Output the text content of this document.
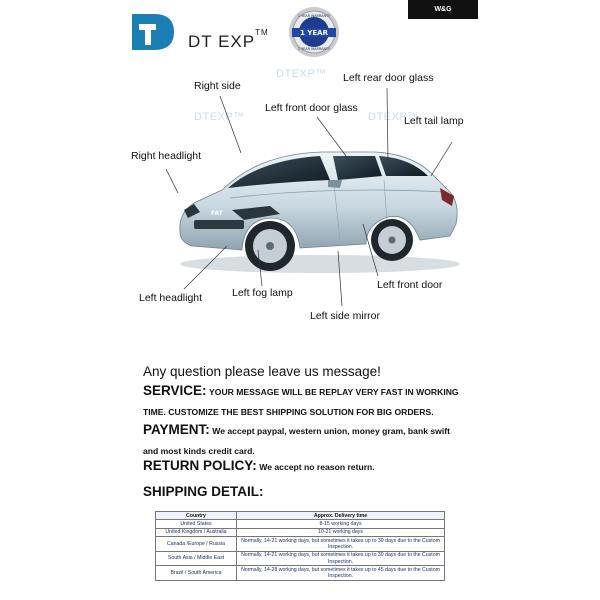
DT EXP™
1 YEAR WARRANTY
1 YEAR
1 YEAR WARRANTY
W&G
DTEXP™
DTEXP™	DTEXP™
FAT
Right side
Left rear door glass
Left front door glass
Left tail lamp
Right headlight
Left headlight	Left fog lamp
Left front door
Left side mirror
Any question please leave us message!
SERVICE: YOUR MESSAGE WILL BE REPLAY VERY FAST IN WORKING
TIME. CUSTOMIZE THE BEST SHIPPING SOLUTION FOR BIG ORDERS.
PAYMENT: We accept paypal, western union, money gram, bank swift
and most kinds credit card.
RETURN POLICY: We accept no reason return.
SHIPPING DETAIL:
Country	Approx. Delivery time
United States	8-15 working days
United Kingdom / Australia	10-21 working days
Canada /Europe / Russia	Normally, 14-21 working days, but sometimes it takes up to 30 days due to the Custom Inspection.
South Asia / Middle East	Normally, 14-21 working days, but sometimes it takes up to 30 days due to the Custom Inspection.
Brazil / South America	Normally, 14-28 working days, but sometimes it takes up to 45 days due to the Custom Inspection.
